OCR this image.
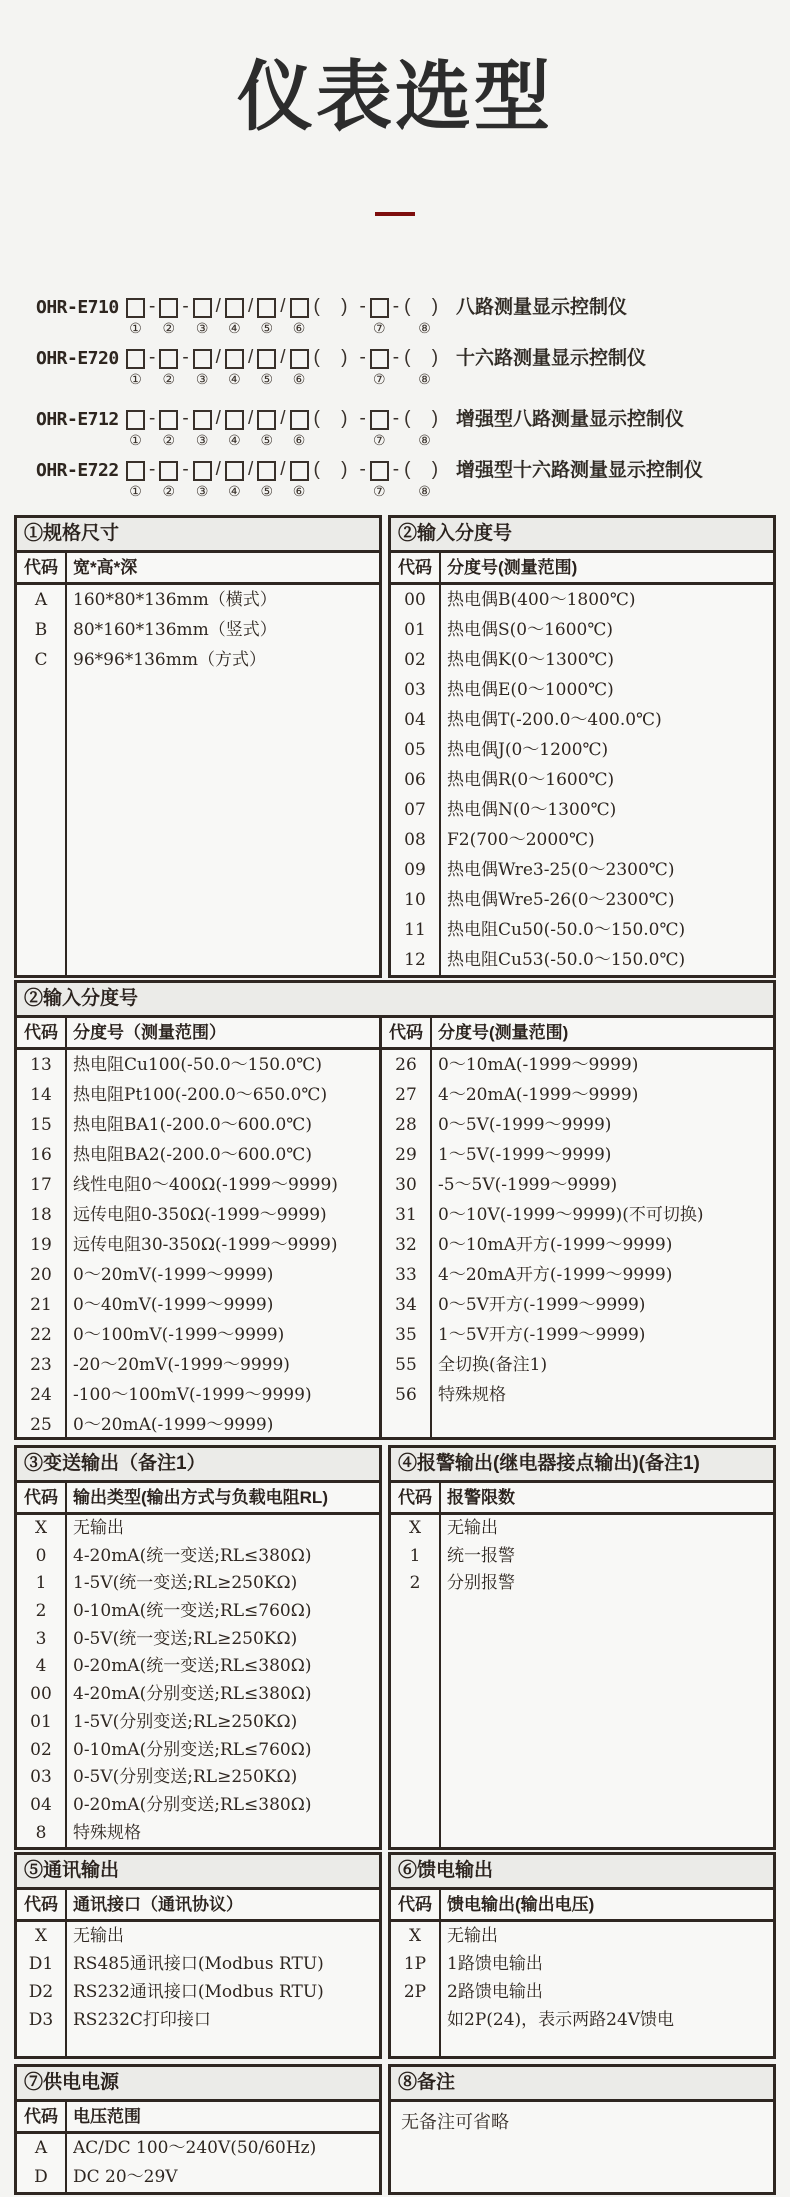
仪表选型
OHR-E710
①
-

②
-

③
/

④
/

⑤
/

⑥
( )
-

⑦
-
( )
⑧
八路测量显示控制仪
OHR-E720
①
-

②
-

③
/

④
/

⑤
/

⑥
( )
-

⑦
-
( )
⑧
十六路测量显示控制仪
OHR-E712
①
-

②
-

③
/

④
/

⑤
/

⑥
( )
-

⑦
-
( )
⑧
增强型八路测量显示控制仪
OHR-E722
①
-

②
-

③
/

④
/

⑤
/

⑥
( )
-

⑦
-
( )
⑧
增强型十六路测量显示控制仪
①规格尺寸
代码 宽*高*深
A
B
C
160*80*136mm（横式）
80*160*136mm（竖式）
96*96*136mm（方式）
②输入分度号
代码 分度号(测量范围)
00
01
02
03
04
05
06
07
08
09
10
11
12
热电偶B(400～1800℃)
热电偶S(0～1600℃)
热电偶K(0～1300℃)
热电偶E(0～1000℃)
热电偶T(-200.0～400.0℃)
热电偶J(0～1200℃)
热电偶R(0～1600℃)
热电偶N(0～1300℃)
F2(700～2000℃)
热电偶Wre3-25(0～2300℃)
热电偶Wre5-26(0～2300℃)
热电阻Cu50(-50.0～150.0℃)
热电阻Cu53(-50.0～150.0℃)
②输入分度号
代码 分度号（测量范围）
13
14
15
16
17
18
19
20
21
22
23
24
25
热电阻Cu100(-50.0～150.0℃)
热电阻Pt100(-200.0～650.0℃)
热电阻BA1(-200.0～600.0℃)
热电阻BA2(-200.0～600.0℃)
线性电阻0～400Ω(-1999～9999)
远传电阻0-350Ω(-1999～9999)
远传电阻30-350Ω(-1999～9999)
0～20mV(-1999～9999)
0～40mV(-1999～9999)
0～100mV(-1999～9999)
-20～20mV(-1999～9999)
-100～100mV(-1999～9999)
0～20mA(-1999～9999)
代码 分度号(测量范围)
26
27
28
29
30
31
32
33
34
35
55
56
0～10mA(-1999～9999)
4～20mA(-1999～9999)
0～5V(-1999～9999)
1～5V(-1999～9999)
-5～5V(-1999～9999)
0～10V(-1999～9999)(不可切换)
0～10mA开方(-1999～9999)
4～20mA开方(-1999～9999)
0～5V开方(-1999～9999)
1～5V开方(-1999～9999)
全切换(备注1)
特殊规格
③变送输出（备注1）
代码 输出类型(输出方式与负载电阻RL)
X
0
1
2
3
4
00
01
02
03
04
8
无输出
4-20mA(统一变送;RL≤380Ω)
1-5V(统一变送;RL≥250KΩ)
0-10mA(统一变送;RL≤760Ω)
0-5V(统一变送;RL≥250KΩ)
0-20mA(统一变送;RL≤380Ω)
4-20mA(分别变送;RL≤380Ω)
1-5V(分别变送;RL≥250KΩ)
0-10mA(分别变送;RL≤760Ω)
0-5V(分别变送;RL≥250KΩ)
0-20mA(分别变送;RL≤380Ω)
特殊规格
④报警输出(继电器接点输出)(备注1)
代码 报警限数
X
1
2
无输出
统一报警
分别报警
⑤通讯输出
代码 通讯接口（通讯协议）
X
D1
D2
D3
无输出
RS485通讯接口(Modbus RTU)
RS232通讯接口(Modbus RTU)
RS232C打印接口
⑥馈电输出
代码 馈电输出(输出电压)
X
1P
2P
无输出
1路馈电输出
2路馈电输出
如2P(24)，表示两路24V馈电
⑦供电电源
代码 电压范围
A
D
AC/DC 100～240V(50/60Hz)
DC 20～29V
⑧备注
无备注可省略
